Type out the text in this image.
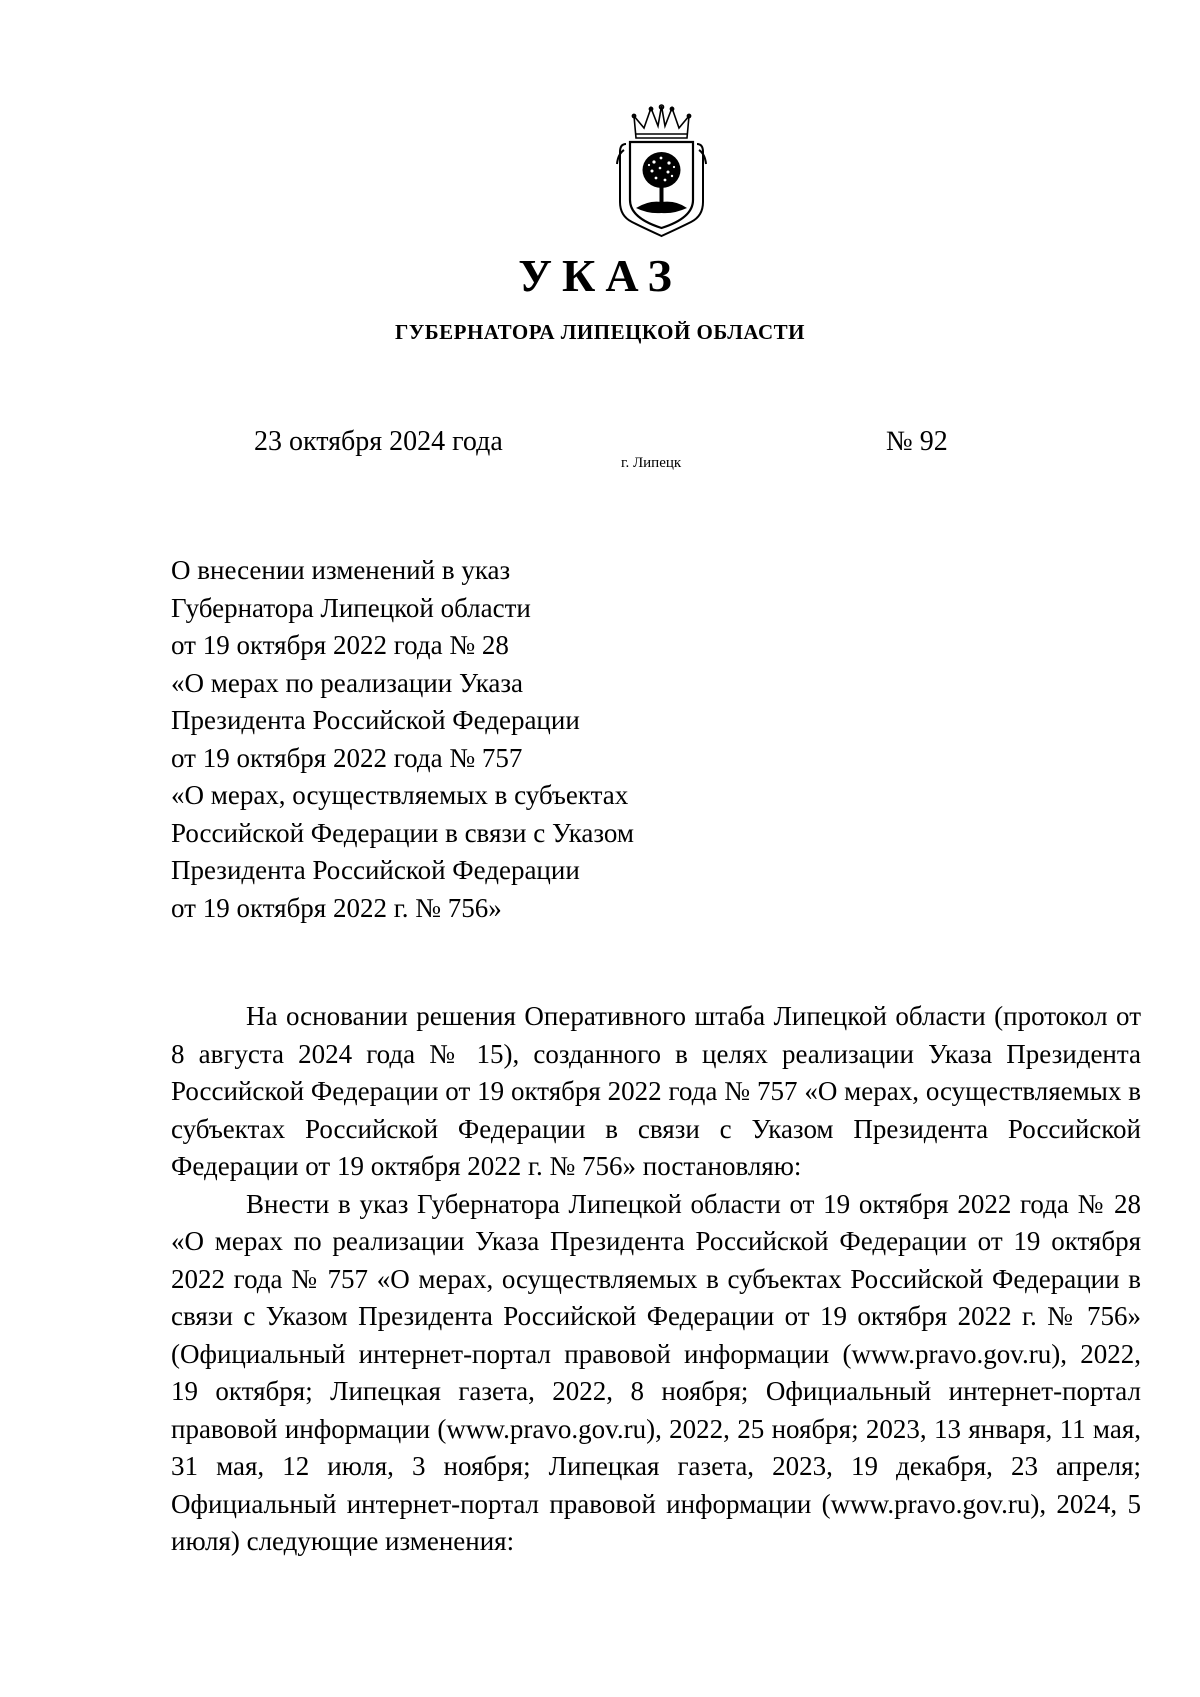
УКАЗ
ГУБЕРНАТОРА ЛИПЕЦКОЙ ОБЛАСТИ
23 октября 2024 года
г. Липецк
№ 92
О внесении изменений в указ
Губернатора Липецкой области
от 19 октября 2022 года № 28
«О мерах по реализации Указа
Президента Российской Федерации
от 19 октября 2022 года № 757
«О мерах, осуществляемых в субъектах
Российской Федерации в связи с Указом
Президента Российской Федерации
от 19 октября 2022 г. № 756»

На основании решения Оперативного штаба Липецкой области (протокол от 8 августа 2024 года № 15), созданного в целях реализации Указа Президента Российской Федерации от 19 октября 2022 года № 757 «О мерах, осуществляемых в субъектах Российской Федерации в связи с Указом Президента Российской Федерации от 19 октября 2022 г. № 756» постановляю:

Внести в указ Губернатора Липецкой области от 19 октября 2022 года № 28 «О мерах по реализации Указа Президента Российской Федерации от 19 октября 2022 года № 757 «О мерах, осуществляемых в субъектах Российской Федерации в связи с Указом Президента Российской Федерации от 19 октября 2022 г. № 756» (Официальный интернет-портал правовой информации (www.pravo.gov.ru), 2022, 19 октября; Липецкая газета, 2022, 8 ноября; Официальный интернет-портал правовой информации (www.pravo.gov.ru), 2022, 25 ноября; 2023, 13 января, 11 мая, 31 мая, 12 июля, 3 ноября; Липецкая газета, 2023, 19 декабря, 23 апреля; Официальный интернет-портал правовой информации (www.pravo.gov.ru), 2024, 5 июля) следующие изменения:
